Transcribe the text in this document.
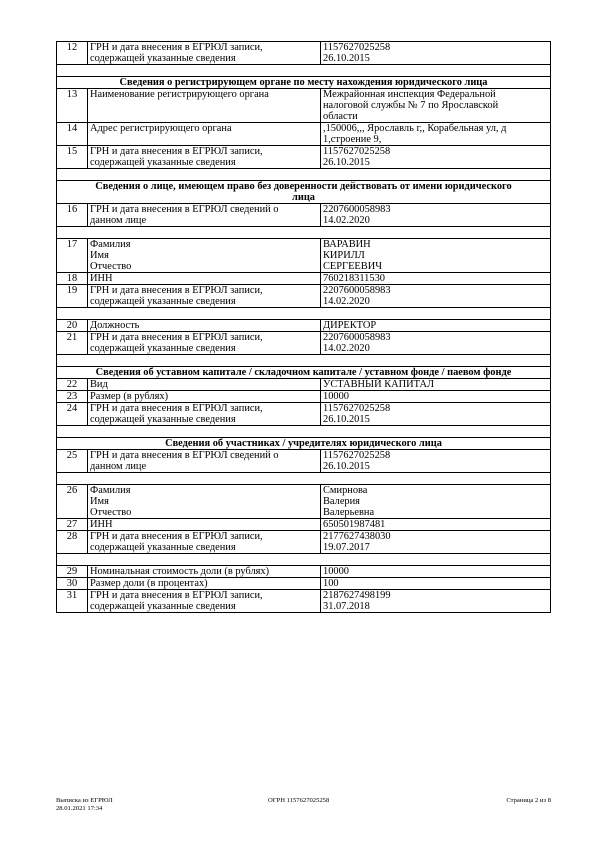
12	ГРН и дата внесения в ЕГРЮЛ записи,
содержащей указанные сведения	1157627025258
26.10.2015

Сведения о регистрирующем органе по месту нахождения юридического лица		
13	Наименование регистрирующего органа	Межрайонная инспекция Федеральной
налоговой службы № 7 по Ярославской
области
14	Адрес регистрирующего органа	,150006,,, Ярославль г,, Корабельная ул, д
1,строение 9,
15	ГРН и дата внесения в ЕГРЮЛ записи,
содержащей указанные сведения	1157627025258
26.10.2015

Сведения о лице, имеющем право без доверенности действовать от имени юридического
лица		
16	ГРН и дата внесения в ЕГРЮЛ сведений о
данном лице	2207600058983
14.02.2020

17	Фамилия
Имя
Отчество	ВАРАВИН
КИРИЛЛ
СЕРГЕЕВИЧ
18	ИНН	760218311530
19	ГРН и дата внесения в ЕГРЮЛ записи,
содержащей указанные сведения	2207600058983
14.02.2020

20	Должность	ДИРЕКТОР
21	ГРН и дата внесения в ЕГРЮЛ записи,
содержащей указанные сведения	2207600058983
14.02.2020

Сведения об уставном капитале / складочном капитале / уставном фонде / паевом фонде		
22	Вид	УСТАВНЫЙ КАПИТАЛ
23	Размер (в рублях)	10000
24	ГРН и дата внесения в ЕГРЮЛ записи,
содержащей указанные сведения	1157627025258
26.10.2015

Сведения об участниках / учредителях юридического лица		
25	ГРН и дата внесения в ЕГРЮЛ сведений о
данном лице	1157627025258
26.10.2015

26	Фамилия
Имя
Отчество	Смирнова
Валерия
Валерьевна
27	ИНН	650501987481
28	ГРН и дата внесения в ЕГРЮЛ записи,
содержащей указанные сведения	2177627438030
19.07.2017

29	Номинальная стоимость доли (в рублях)	10000
30	Размер доли (в процентах)	100
31	ГРН и дата внесения в ЕГРЮЛ записи,
содержащей указанные сведения	2187627498199
31.07.2018
Выписка из ЕГРЮЛ
28.01.2021 17:34
ОГРН 1157627025258	Страница 2 из 8
